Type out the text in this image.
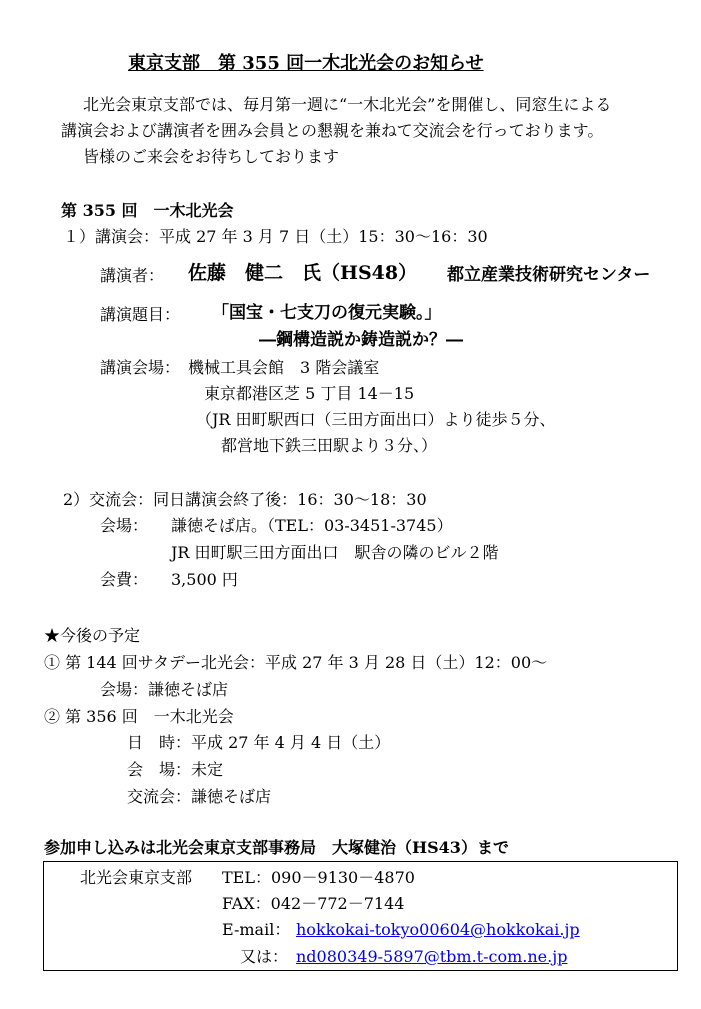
東京支部　第 355 回一木北光会のお知らせ
北光会東京支部では、毎月第一週に“一木北光会”を開催し、同窓生による
講演会および講演者を囲み会員との懇親を兼ねて交流会を行っております。
皆様のご来会をお待ちしております
第 355 回　一木北光会
１）講演会：平成 27 年 3 月 7 日（土）15：30～16：30
講演者： 佐藤　健二　氏（HS48） 都立産業技術研究センター
講演題目： 「国宝・七支刀の復元実験。」
―鋼構造説か鋳造説か？―
講演会場： 機械工具会館　3 階会議室
東京都港区芝 5 丁目 14－15
（JR 田町駅西口（三田方面出口）より徒歩５分、
都営地下鉄三田駅より３分、）
2）交流会：同日講演会終了後：16：30～18：30
会場： 謙徳そば店。（TEL：03-3451-3745）
JR 田町駅三田方面出口　駅舎の隣のビル２階
会費： 3,500 円
★今後の予定
① 第 144 回サタデー北光会：平成 27 年 3 月 28 日（土）12：00～
会場：謙徳そば店
② 第 356 回　一木北光会
日　時：平成 27 年 4 月 4 日（土）
会　場：未定
交流会：謙徳そば店
参加申し込みは北光会東京支部事務局　大塚健治（HS43）まで
北光会東京支部 TEL：090－9130－4870
FAX：042－772－7144
E-mail： hokkokai-tokyo00604@hokkokai.jp
又は： nd080349-5897@tbm.t-com.ne.jp
